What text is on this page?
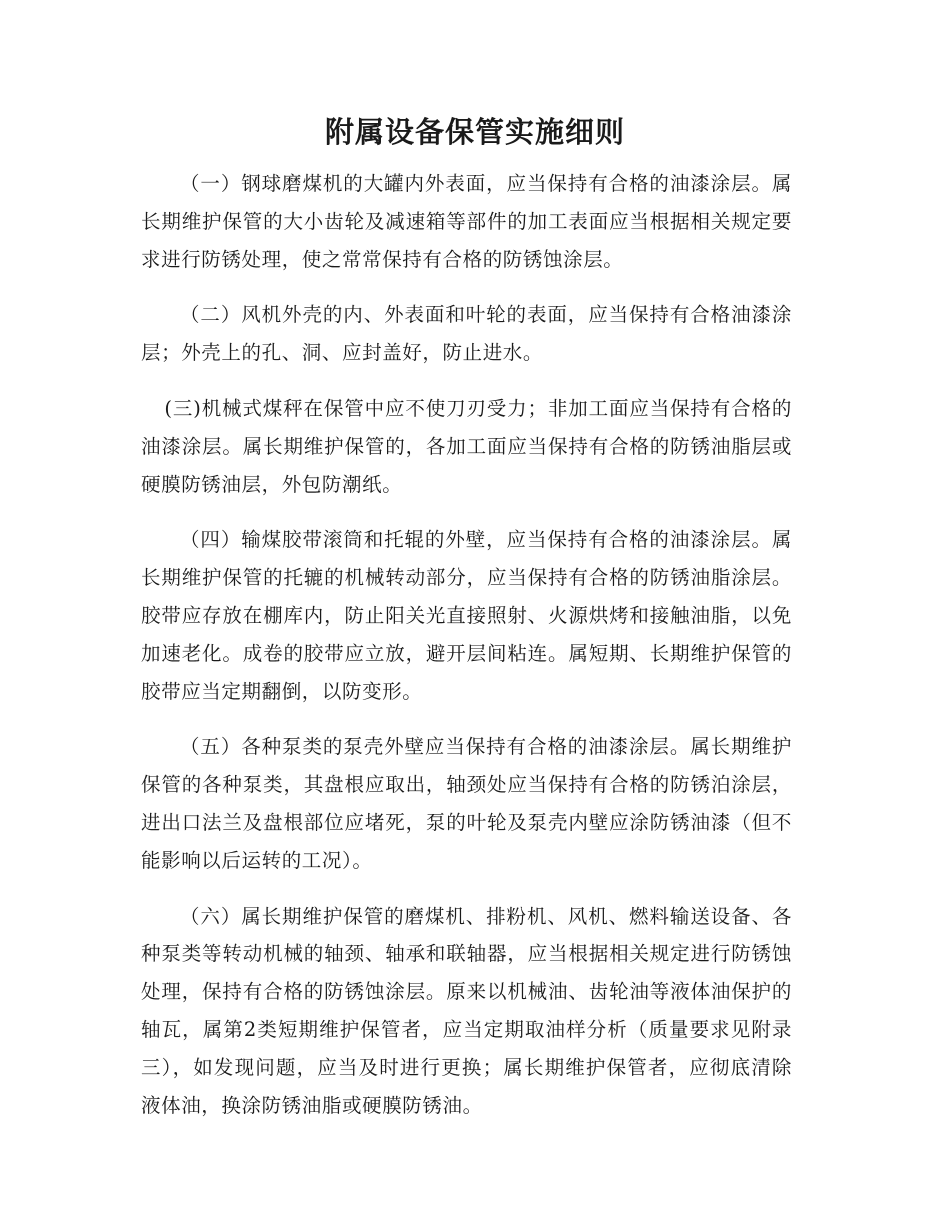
附属设备保管实施细则

（一）钢球磨煤机的大罐内外表面，应当保持有合格的油漆涂层。属长期维护保管的大小齿轮及减速箱等部件的加工表面应当根据相关规定要求进行防锈处理，使之常常保持有合格的防锈蚀涂层。

（二）风机外壳的内、外表面和叶轮的表面，应当保持有合格油漆涂层；外壳上的孔、洞、应封盖好，防止进水。

(三)机械式煤秤在保管中应不使刀刃受力；非加工面应当保持有合格的油漆涂层。属长期维护保管的，各加工面应当保持有合格的防锈油脂层或硬膜防锈油层，外包防潮纸。

（四）输煤胶带滚筒和托辊的外壁，应当保持有合格的油漆涂层。属长期维护保管的托辘的机械转动部分，应当保持有合格的防锈油脂涂层。胶带应存放在棚库内，防止阳关光直接照射、火源烘烤和接触油脂，以免加速老化。成卷的胶带应立放，避开层间粘连。属短期、长期维护保管的胶带应当定期翻倒，以防变形。

（五）各种泵类的泵壳外壁应当保持有合格的油漆涂层。属长期维护保管的各种泵类，其盘根应取出，轴颈处应当保持有合格的防锈泊涂层，进出口法兰及盘根部位应堵死，泵的叶轮及泵壳内壁应涂防锈油漆（但不能影响以后运转的工况）。

（六）属长期维护保管的磨煤机、排粉机、风机、燃料输送设备、各种泵类等转动机械的轴颈、轴承和联轴器，应当根据相关规定进行防锈蚀处理，保持有合格的防锈蚀涂层。原来以机械油、齿轮油等液体油保护的轴瓦，属第2类短期维护保管者，应当定期取油样分析（质量要求见附录三），如发现问题，应当及时进行更换；属长期维护保管者，应彻底清除液体油，换涂防锈油脂或硬膜防锈油。
